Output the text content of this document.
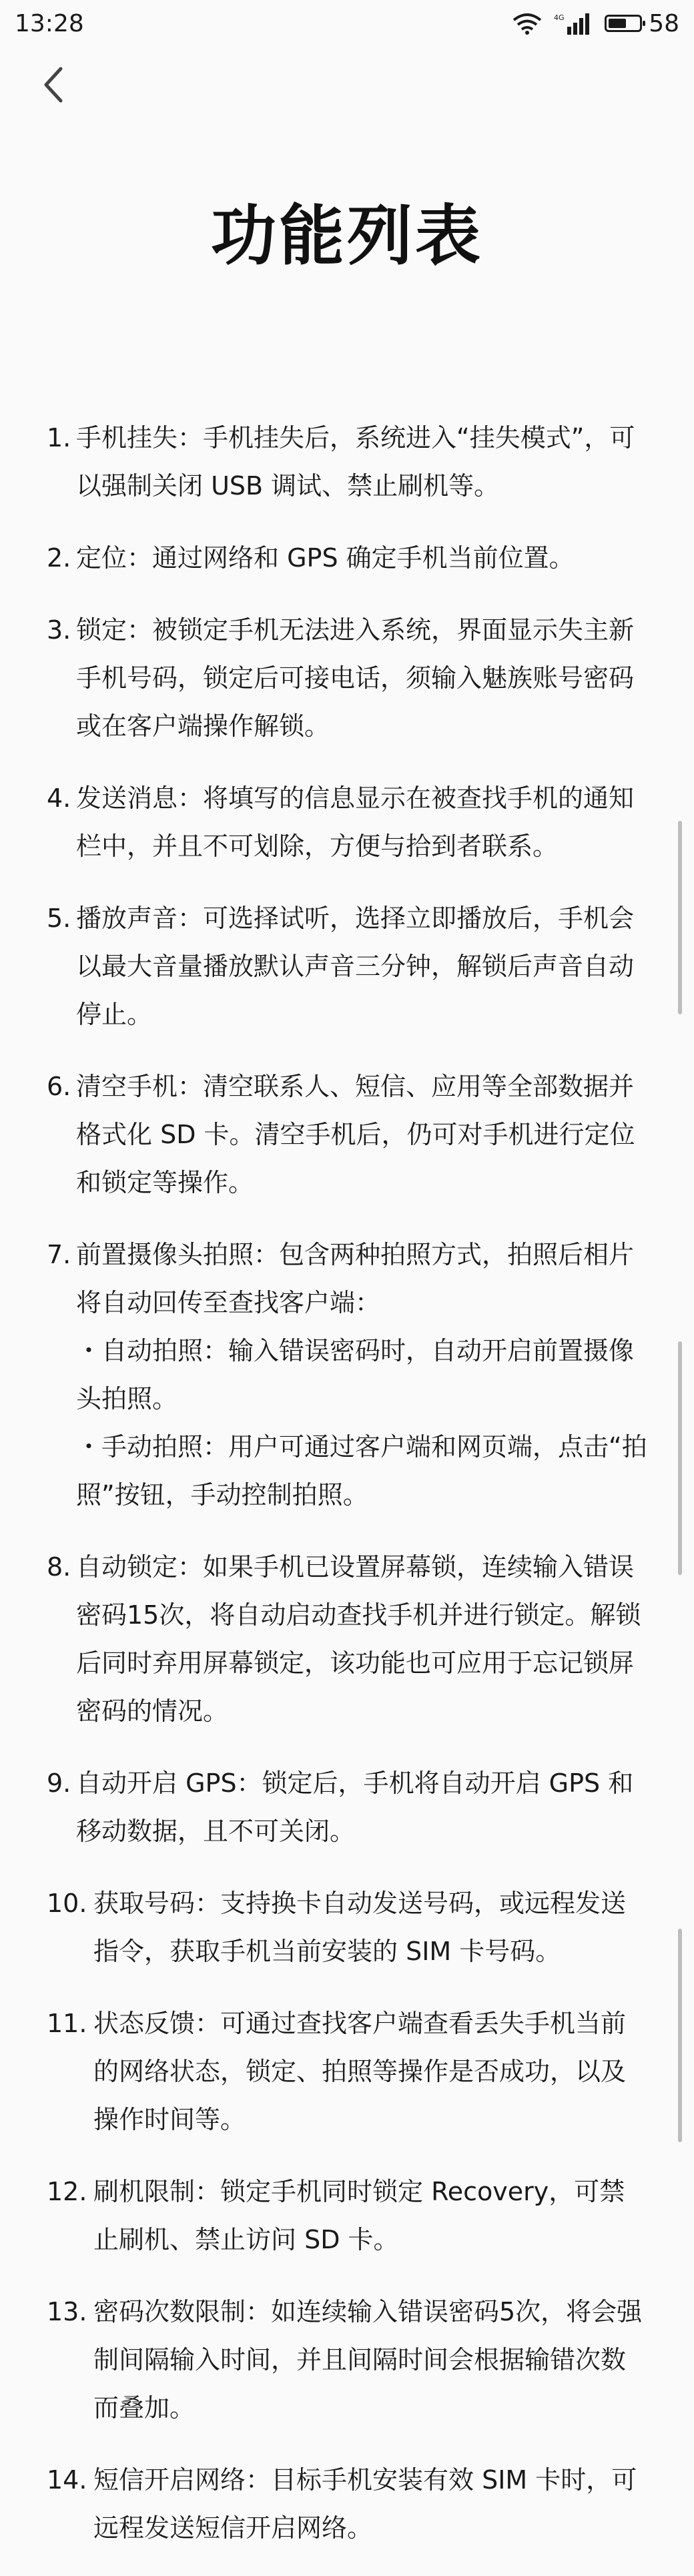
13:28	4G	58
功能列表
1. 手机挂失：手机挂失后，系统进入“挂失模式”，可以强制关闭 USB 调试、禁止刷机等。
2. 定位：通过网络和 GPS 确定手机当前位置。
3. 锁定：被锁定手机无法进入系统，界面显示失主新手机号码，锁定后可接电话，须输入魅族账号密码或在客户端操作解锁。
4. 发送消息：将填写的信息显示在被查找手机的通知栏中，并且不可划除，方便与拾到者联系。
5. 播放声音：可选择试听，选择立即播放后，手机会以最大音量播放默认声音三分钟，解锁后声音自动停止。
6. 清空手机：清空联系人、短信、应用等全部数据并格式化 SD 卡。清空手机后，仍可对手机进行定位和锁定等操作。
7. 前置摄像头拍照：包含两种拍照方式，拍照后相片将自动回传至查找客户端：
・自动拍照：输入错误密码时，自动开启前置摄像头拍照。
・手动拍照：用户可通过客户端和网页端，点击“拍照”按钮，手动控制拍照。
8. 自动锁定：如果手机已设置屏幕锁，连续输入错误密码15次，将自动启动查找手机并进行锁定。解锁后同时弃用屏幕锁定，该功能也可应用于忘记锁屏密码的情况。
9. 自动开启 GPS：锁定后，手机将自动开启 GPS 和移动数据，且不可关闭。
10. 获取号码：支持换卡自动发送号码，或远程发送指令，获取手机当前安装的 SIM 卡号码。
11. 状态反馈：可通过查找客户端查看丢失手机当前的网络状态，锁定、拍照等操作是否成功，以及操作时间等。
12. 刷机限制：锁定手机同时锁定 Recovery，可禁止刷机、禁止访问 SD 卡。
13. 密码次数限制：如连续输入错误密码5次，将会强制间隔输入时间，并且间隔时间会根据输错次数而叠加。
14. 短信开启网络：目标手机安装有效 SIM 卡时，可远程发送短信开启网络。
